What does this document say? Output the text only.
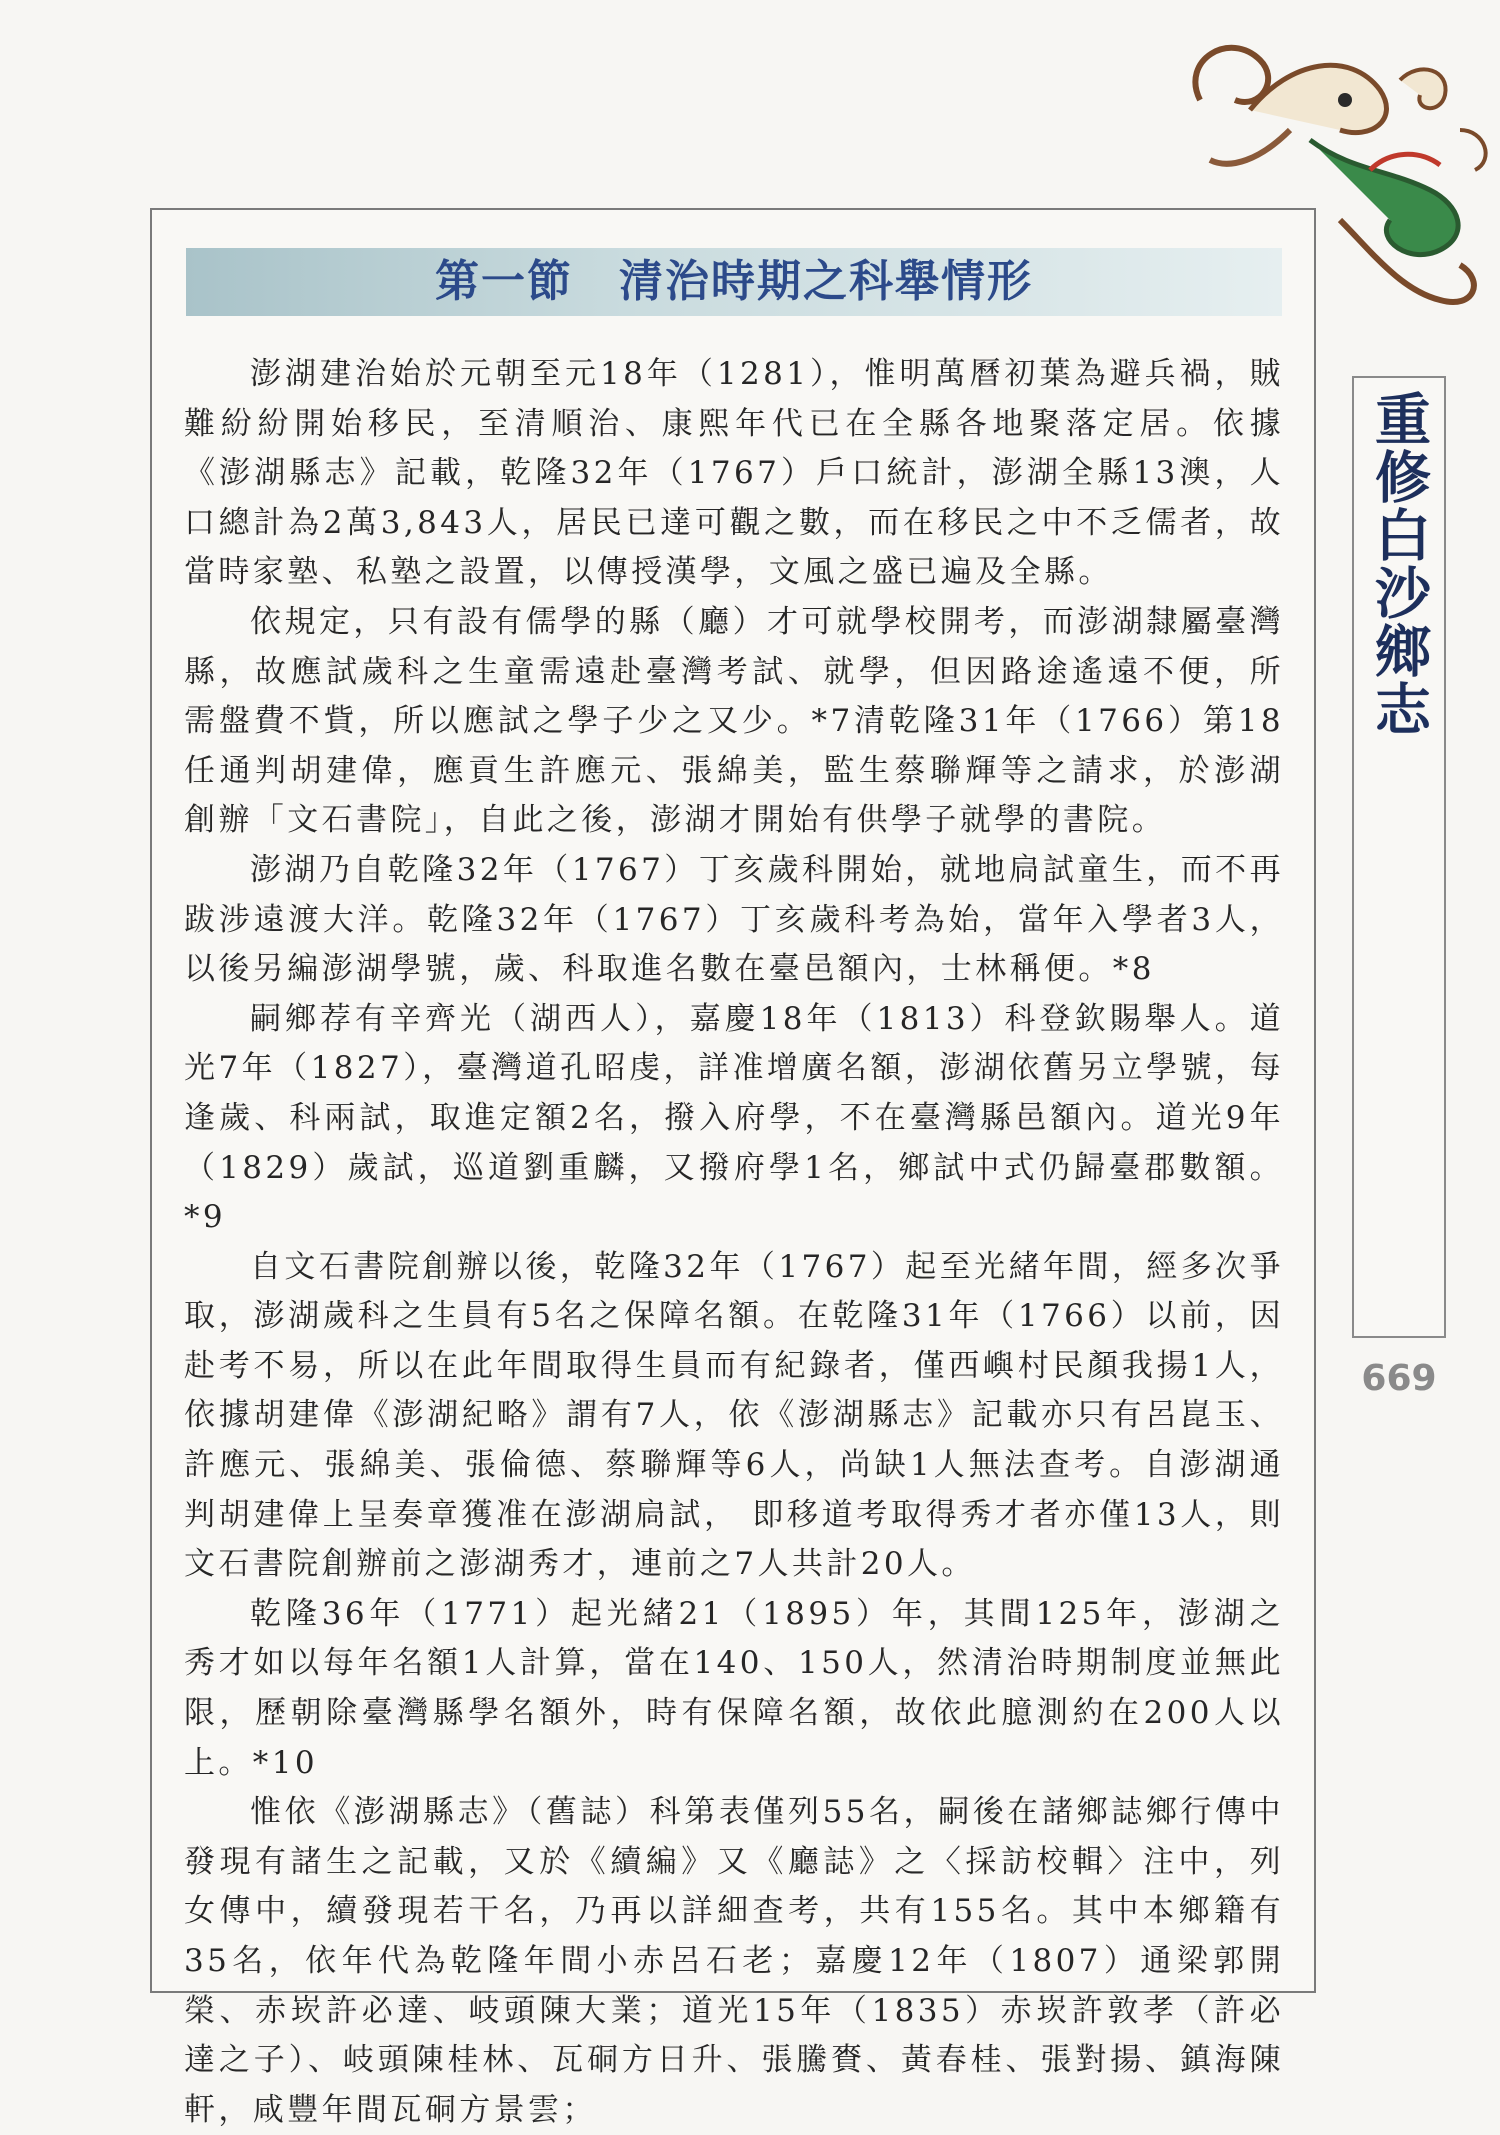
第一節　清治時期之科舉情形

澎湖建治始於元朝至元18年（1281），惟明萬曆初葉為避兵禍，賊難紛紛開始移民，至清順治、康熙年代已在全縣各地聚落定居。依據《澎湖縣志》記載，乾隆32年（1767）戶口統計，澎湖全縣13澳，人口總計為2萬3,843人，居民已達可觀之數，而在移民之中不乏儒者，故當時家塾、私塾之設置，以傳授漢學，文風之盛已遍及全縣。

依規定，只有設有儒學的縣（廳）才可就學校開考，而澎湖隸屬臺灣縣，故應試歲科之生童需遠赴臺灣考試、就學，但因路途遙遠不便，所需盤費不貲，所以應試之學子少之又少。*7清乾隆31年（1766）第18任通判胡建偉，應貢生許應元、張綿美，監生蔡聯輝等之請求，於澎湖創辦「文石書院」，自此之後，澎湖才開始有供學子就學的書院。

澎湖乃自乾隆32年（1767）丁亥歲科開始，就地扃試童生，而不再跋涉遠渡大洋。乾隆32年（1767）丁亥歲科考為始，當年入學者3人，以後另編澎湖學號，歲、科取進名數在臺邑額內，士林稱便。*8

嗣鄉荐有辛齊光（湖西人），嘉慶18年（1813）科登欽賜舉人。道光7年（1827），臺灣道孔昭虔，詳准增廣名額，澎湖依舊另立學號，每逢歲、科兩試，取進定額2名，撥入府學，不在臺灣縣邑額內。道光9年（1829）歲試，巡道劉重麟，又撥府學1名，鄉試中式仍歸臺郡數額。*9

自文石書院創辦以後，乾隆32年（1767）起至光緒年間，經多次爭取，澎湖歲科之生員有5名之保障名額。在乾隆31年（1766）以前，因赴考不易，所以在此年間取得生員而有紀錄者，僅西嶼村民顏我揚1人，依據胡建偉《澎湖紀略》謂有7人，依《澎湖縣志》記載亦只有呂崑玉、許應元、張綿美、張倫德、蔡聯輝等6人，尚缺1人無法查考。自澎湖通判胡建偉上呈奏章獲准在澎湖扃試， 即移道考取得秀才者亦僅13人，則文石書院創辦前之澎湖秀才，連前之7人共計20人。

乾隆36年（1771）起光緒21（1895）年，其間125年，澎湖之秀才如以每年名額1人計算，當在140、150人，然清治時期制度並無此限，歷朝除臺灣縣學名額外，時有保障名額，故依此臆測約在200人以上。*10

惟依《澎湖縣志》（舊誌）科第表僅列55名，嗣後在諸鄉誌鄉行傳中發現有諸生之記載，又於《續編》又《廳誌》之〈採訪校輯〉注中，列女傳中，續發現若干名，乃再以詳細查考，共有155名。其中本鄉籍有35名，依年代為乾隆年間小赤呂石老；嘉慶12年（1807）通梁郭開榮、赤崁許必達、岐頭陳大業；道光15年（1835）赤崁許敦孝（許必達之子）、岐頭陳桂林、瓦硐方日升、張騰賚、黃春桂、張對揚、鎮海陳軒，咸豐年間瓦硐方景雲；

重修白沙鄉志
669
